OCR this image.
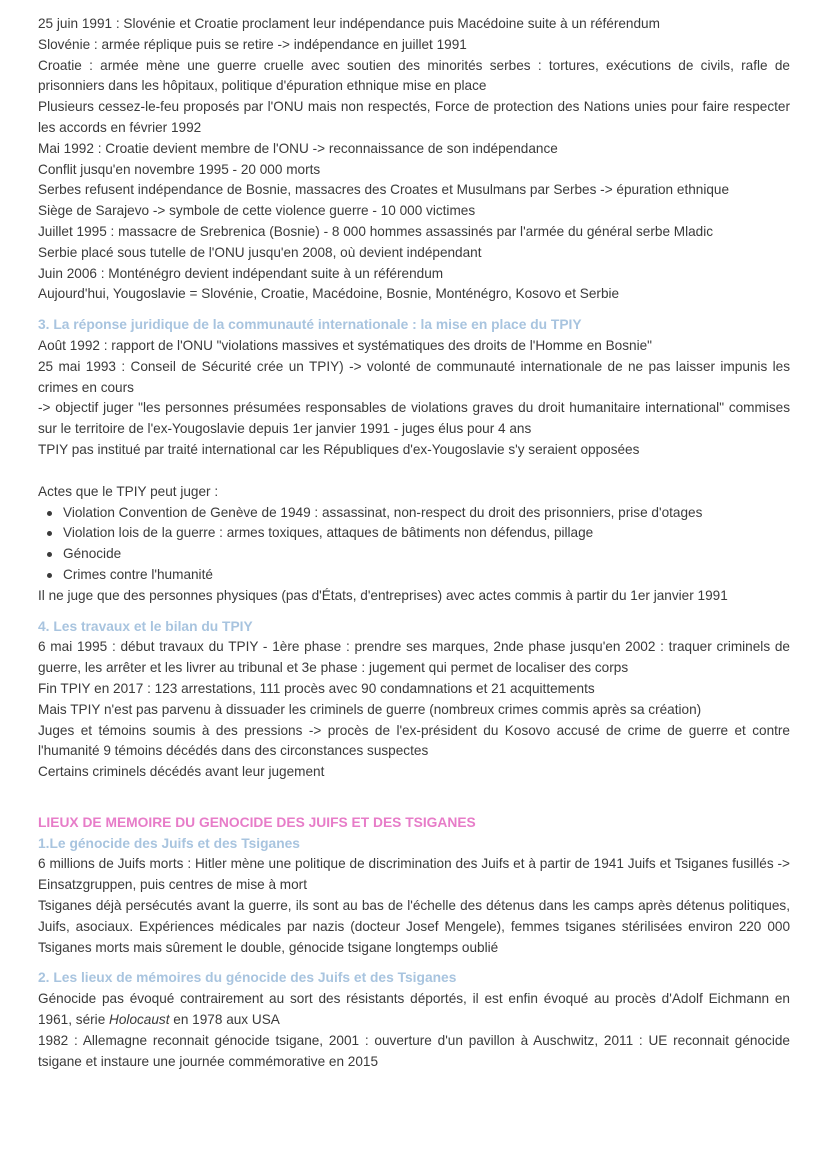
25 juin 1991 : Slovénie et Croatie proclament leur indépendance puis Macédoine suite à un référendum

Slovénie : armée réplique puis se retire -> indépendance en juillet 1991

Croatie : armée mène une guerre cruelle avec soutien des minorités serbes : tortures, exécutions de civils, rafle de prisonniers dans les hôpitaux, politique d'épuration ethnique mise en place

Plusieurs cessez-le-feu proposés par l'ONU mais non respectés, Force de protection des Nations unies pour faire respecter les accords en février 1992

Mai 1992 : Croatie devient membre de l'ONU -> reconnaissance de son indépendance

Conflit jusqu'en novembre 1995 - 20 000 morts

Serbes refusent indépendance de Bosnie, massacres des Croates et Musulmans par Serbes -> épuration ethnique

Siège de Sarajevo -> symbole de cette violence guerre - 10 000 victimes

Juillet 1995 : massacre de Srebrenica (Bosnie) - 8 000 hommes assassinés par l'armée du général serbe Mladic

Serbie placé sous tutelle de l'ONU jusqu'en 2008, où devient indépendant

Juin 2006 : Monténégro devient indépendant suite à un référendum

Aujourd'hui, Yougoslavie = Slovénie, Croatie, Macédoine, Bosnie, Monténégro, Kosovo et Serbie

3. La réponse juridique de la communauté internationale : la mise en place du TPIY

Août 1992 : rapport de l'ONU "violations massives et systématiques des droits de l'Homme en Bosnie"

25 mai 1993 : Conseil de Sécurité crée un TPIY) -> volonté de communauté internationale de ne pas laisser impunis les crimes en cours

-> objectif juger "les personnes présumées responsables de violations graves du droit humanitaire international" commises sur le territoire de l'ex-Yougoslavie depuis 1er janvier 1991 - juges élus pour 4 ans

TPIY pas institué par traité international car les Républiques d'ex-Yougoslavie s'y seraient opposées

Actes que le TPIY peut juger :

Violation Convention de Genève de 1949 : assassinat, non-respect du droit des prisonniers, prise d'otages
Violation lois de la guerre : armes toxiques, attaques de bâtiments non défendus, pillage
Génocide
Crimes contre l'humanité

Il ne juge que des personnes physiques (pas d'États, d'entreprises) avec actes commis à partir du 1er janvier 1991

4. Les travaux et le bilan du TPIY

6 mai 1995 : début travaux du TPIY - 1ère phase : prendre ses marques, 2nde phase jusqu'en 2002 : traquer criminels de guerre, les arrêter et les livrer au tribunal et 3e phase : jugement qui permet de localiser des corps

Fin TPIY en 2017 : 123 arrestations, 111 procès avec 90 condamnations et 21 acquittements

Mais TPIY n'est pas parvenu à dissuader les criminels de guerre (nombreux crimes commis après sa création)

Juges et témoins soumis à des pressions -> procès de l'ex-président du Kosovo accusé de crime de guerre et contre l'humanité 9 témoins décédés dans des circonstances suspectes

Certains criminels décédés avant leur jugement

LIEUX DE MEMOIRE DU GENOCIDE DES JUIFS ET DES TSIGANES
1.Le génocide des Juifs et des Tsiganes

6 millions de Juifs morts : Hitler mène une politique de discrimination des Juifs et à partir de 1941 Juifs et Tsiganes fusillés -> Einsatzgruppen, puis centres de mise à mort

Tsiganes déjà persécutés avant la guerre, ils sont au bas de l'échelle des détenus dans les camps après détenus politiques, Juifs, asociaux. Expériences médicales par nazis (docteur Josef Mengele), femmes tsiganes stérilisées environ 220 000 Tsiganes morts mais sûrement le double, génocide tsigane longtemps oublié

2. Les lieux de mémoires du génocide des Juifs et des Tsiganes

Génocide pas évoqué contrairement au sort des résistants déportés, il est enfin évoqué au procès d'Adolf Eichmann en 1961, série Holocaust en 1978 aux USA

1982 : Allemagne reconnait génocide tsigane, 2001 : ouverture d'un pavillon à Auschwitz, 2011 : UE reconnait génocide tsigane et instaure une journée commémorative en 2015
